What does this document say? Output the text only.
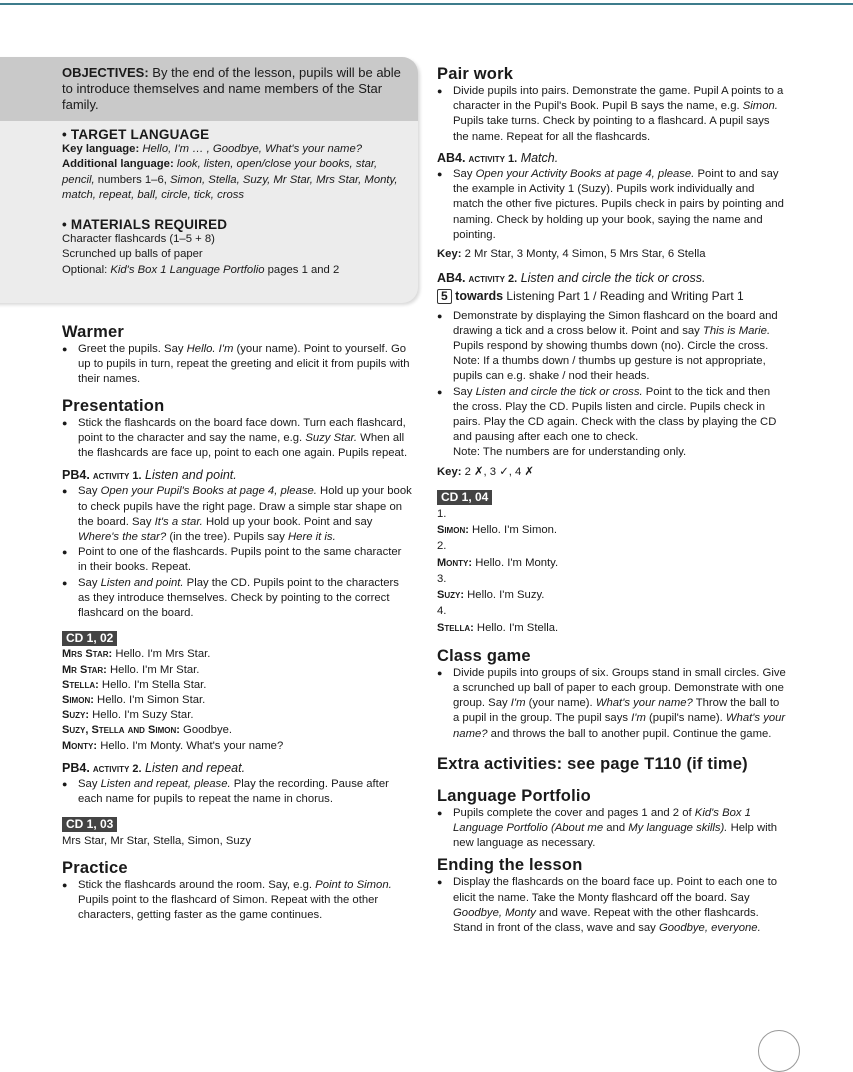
OBJECTIVES: By the end of the lesson, pupils will be able to introduce themselves and name members of the Star family.

• TARGET LANGUAGE

Key language: Hello, I'm … , Goodbye, What's your name?

Additional language: look, listen, open/close your books, star, pencil, numbers 1–6, Simon, Stella, Suzy, Mr Star, Mrs Star, Monty, match, repeat, ball, circle, tick, cross

• MATERIALS REQUIRED

Character flashcards (1–5 + 8)

Scrunched up balls of paper

Optional: Kid's Box 1 Language Portfolio pages 1 and 2

Warmer

● Greet the pupils. Say Hello. I'm (your name). Point to yourself. Go up to pupils in turn, repeat the greeting and elicit it from pupils with their names.

Presentation

● Stick the flashcards on the board face down. Turn each flashcard, point to the character and say the name, e.g. Suzy Star. When all the flashcards are face up, point to each one again. Pupils repeat.

PB4. activity 1. Listen and point.

● Say Open your Pupil's Books at page 4, please. Hold up your book to check pupils have the right page. Draw a simple star shape on the board. Say It's a star. Hold up your book. Point and say Where's the star? (in the tree). Pupils say Here it is.
● Point to one of the flashcards. Pupils point to the same character in their books. Repeat.
● Say Listen and point. Play the CD. Pupils point to the characters as they introduce themselves. Check by pointing to the correct flashcard on the board.

CD 1, 02

Mrs Star: Hello. I'm Mrs Star.

Mr Star: Hello. I'm Mr Star.

Stella: Hello. I'm Stella Star.

Simon: Hello. I'm Simon Star.

Suzy: Hello. I'm Suzy Star.

Suzy, Stella and Simon: Goodbye.

Monty: Hello. I'm Monty. What's your name?

PB4. activity 2. Listen and repeat.

● Say Listen and repeat, please. Play the recording. Pause after each name for pupils to repeat the name in chorus.

CD 1, 03

Mrs Star, Mr Star, Stella, Simon, Suzy

Practice

● Stick the flashcards around the room. Say, e.g. Point to Simon. Pupils point to the flashcard of Simon. Repeat with the other characters, getting faster as the game continues.

Pair work

● Divide pupils into pairs. Demonstrate the game. Pupil A points to a character in the Pupil's Book. Pupil B says the name, e.g. Simon. Pupils take turns. Check by pointing to a flashcard. A pupil says the name. Repeat for all the flashcards.

AB4. activity 1. Match.

● Say Open your Activity Books at page 4, please. Point to and say the example in Activity 1 (Suzy). Pupils work individually and match the other five pictures. Pupils check in pairs by pointing and naming. Check by holding up your book, saying the name and pointing.

Key: 2 Mr Star, 3 Monty, 4 Simon, 5 Mrs Star, 6 Stella

AB4. activity 2. Listen and circle the tick or cross.

5 towards Listening Part 1 / Reading and Writing Part 1

● Demonstrate by displaying the Simon flashcard on the board and drawing a tick and a cross below it. Point and say This is Marie. Pupils respond by showing thumbs down (no). Circle the cross.
Note: If a thumbs down / thumbs up gesture is not appropriate, pupils can e.g. shake / nod their heads.
● Say Listen and circle the tick or cross. Point to the tick and then the cross. Play the CD. Pupils listen and circle. Pupils check in pairs. Play the CD again. Check with the class by playing the CD and pausing after each one to check.
Note: The numbers are for understanding only.

Key: 2 ✗, 3 ✓, 4 ✗

CD 1, 04

1.

Simon: Hello. I'm Simon.

2.

Monty: Hello. I'm Monty.

3.

Suzy: Hello. I'm Suzy.

4.

Stella: Hello. I'm Stella.

Class game

● Divide pupils into groups of six. Groups stand in small circles. Give a scrunched up ball of paper to each group. Demonstrate with one group. Say I'm (your name). What's your name? Throw the ball to a pupil in the group. The pupil says I'm (pupil's name). What's your name? and throws the ball to another pupil. Continue the game.

Extra activities: see page T110 (if time)

Language Portfolio

● Pupils complete the cover and pages 1 and 2 of Kid's Box 1 Language Portfolio (About me and My language skills). Help with new language as necessary.

Ending the lesson

● Display the flashcards on the board face up. Point to each one to elicit the name. Take the Monty flashcard off the board. Say Goodbye, Monty and wave. Repeat with the other flashcards. Stand in front of the class, wave and say Goodbye, everyone.
